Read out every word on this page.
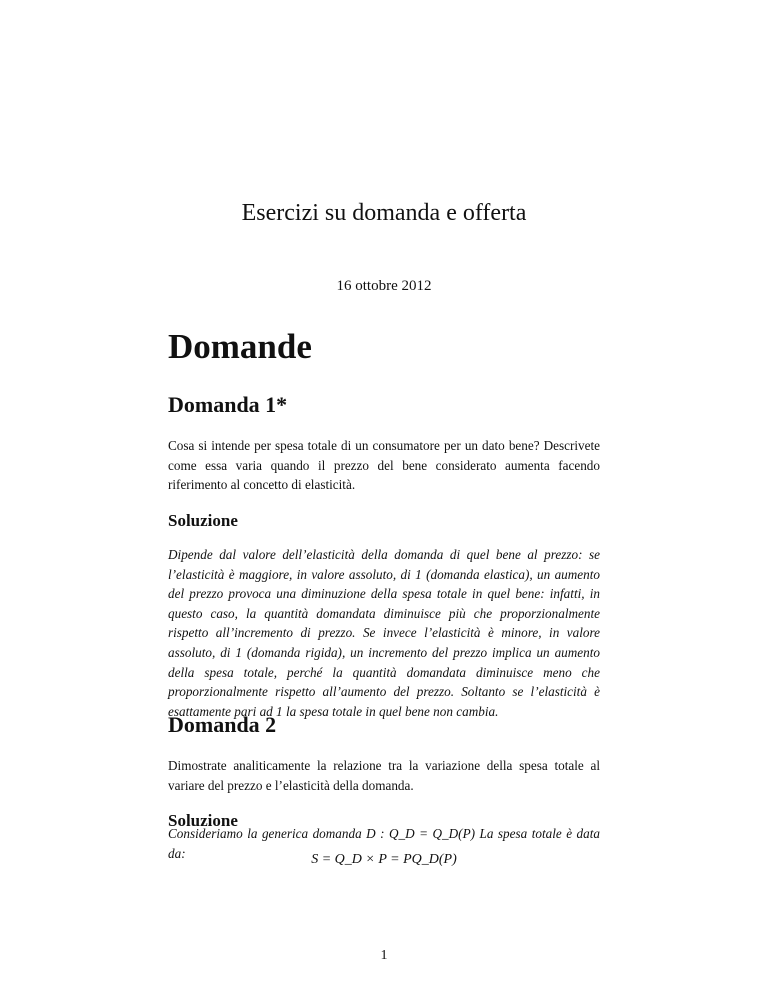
Esercizi su domanda e offerta
16 ottobre 2012
Domande
Domanda 1*

Cosa si intende per spesa totale di un consumatore per un dato bene? Descrivete come essa varia quando il prezzo del bene considerato aumenta facendo riferimento al concetto di elasticità.

Soluzione

Dipende dal valore dell’elasticità della domanda di quel bene al prezzo: se l’elasticità è maggiore, in valore assoluto, di 1 (domanda elastica), un aumento del prezzo provoca una diminuzione della spesa totale in quel bene: infatti, in questo caso, la quantità domandata diminuisce più che proporzionalmente rispetto all’incremento di prezzo. Se invece l’elasticità è minore, in valore assoluto, di 1 (domanda rigida), un incremento del prezzo implica un aumento della spesa totale, perché la quantità domandata diminuisce meno che proporzionalmente rispetto all’aumento del prezzo. Soltanto se l’elasticità è esattamente pari ad 1 la spesa totale in quel bene non cambia.

Domanda 2

Dimostrate analiticamente la relazione tra la variazione della spesa totale al variare del prezzo e l’elasticità della domanda.

Soluzione

Consideriamo la generica domanda D : Q_D = Q_D(P) La spesa totale è data da:	S = Q_D × P = PQ_D(P)
1
